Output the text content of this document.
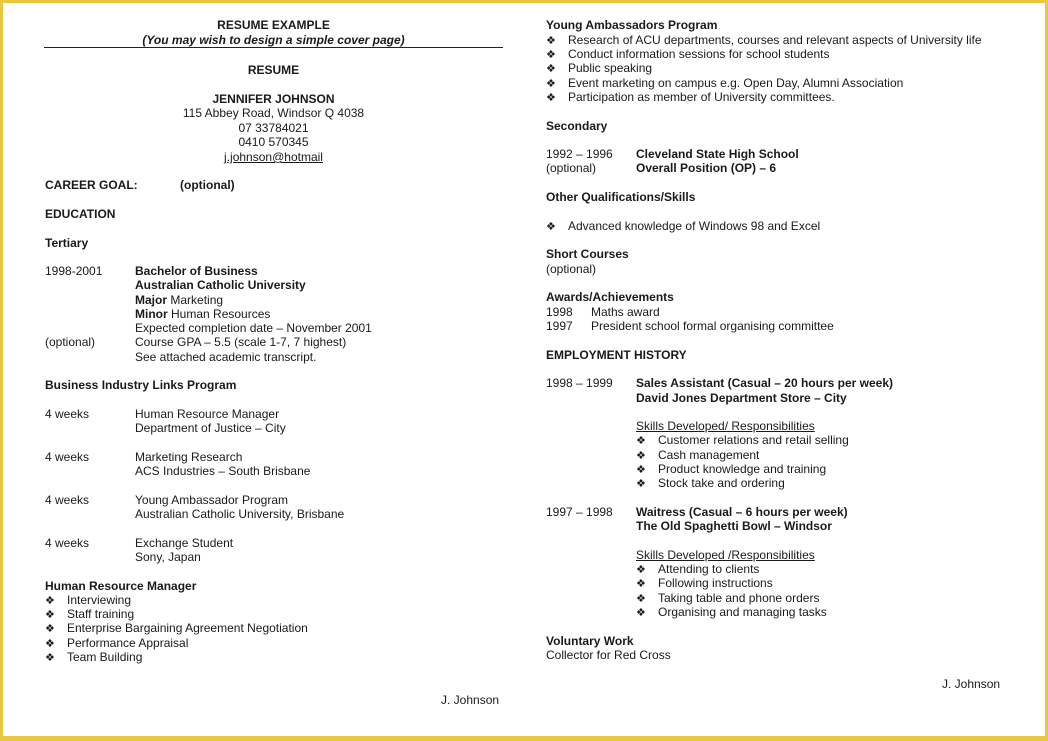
RESUME EXAMPLE
(You may wish to design a simple cover page)
RESUME
JENNIFER JOHNSON
115 Abbey Road, Windsor Q 4038
07 33784021
0410 570345
j.johnson@hotmail
CAREER GOAL:	(optional)
EDUCATION
Tertiary
1998-2001	Bachelor of Business
Australian Catholic University
Major Marketing
Minor Human Resources
Expected completion date – November 2001
(optional)	Course GPA – 5.5 (scale 1-7, 7 highest)
See attached academic transcript.
Business Industry Links Program
4 weeks	Human Resource Manager
Department of Justice – City
4 weeks	Marketing Research
ACS Industries – South Brisbane
4 weeks	Young Ambassador Program
Australian Catholic University, Brisbane
4 weeks	Exchange Student
Sony, Japan
Human Resource Manager
❖ Interviewing
❖ Staff training
❖ Enterprise Bargaining Agreement Negotiation
❖ Performance Appraisal
❖ Team Building
J. Johnson
Young Ambassadors Program
❖ Research of ACU departments, courses and relevant aspects of University life
❖ Conduct information sessions for school students
❖ Public speaking
❖ Event marketing on campus e.g. Open Day, Alumni Association
❖ Participation as member of University committees.
Secondary
1992 – 1996 Cleveland State High School
(optional)	Overall Position (OP) – 6
Other Qualifications/Skills
❖ Advanced knowledge of Windows 98 and Excel
Short Courses
(optional)
Awards/Achievements
1998 Maths award
1997 President school formal organising committee
EMPLOYMENT HISTORY
1998 – 1999 Sales Assistant (Casual – 20 hours per week)
David Jones Department Store – City
Skills Developed/ Responsibilities
❖ Customer relations and retail selling
❖ Cash management
❖ Product knowledge and training
❖ Stock take and ordering
1997 – 1998 Waitress (Casual – 6 hours per week)
The Old Spaghetti Bowl – Windsor
Skills Developed /Responsibilities
❖ Attending to clients
❖ Following instructions
❖ Taking table and phone orders
❖ Organising and managing tasks
Voluntary Work
Collector for Red Cross
J. Johnson
